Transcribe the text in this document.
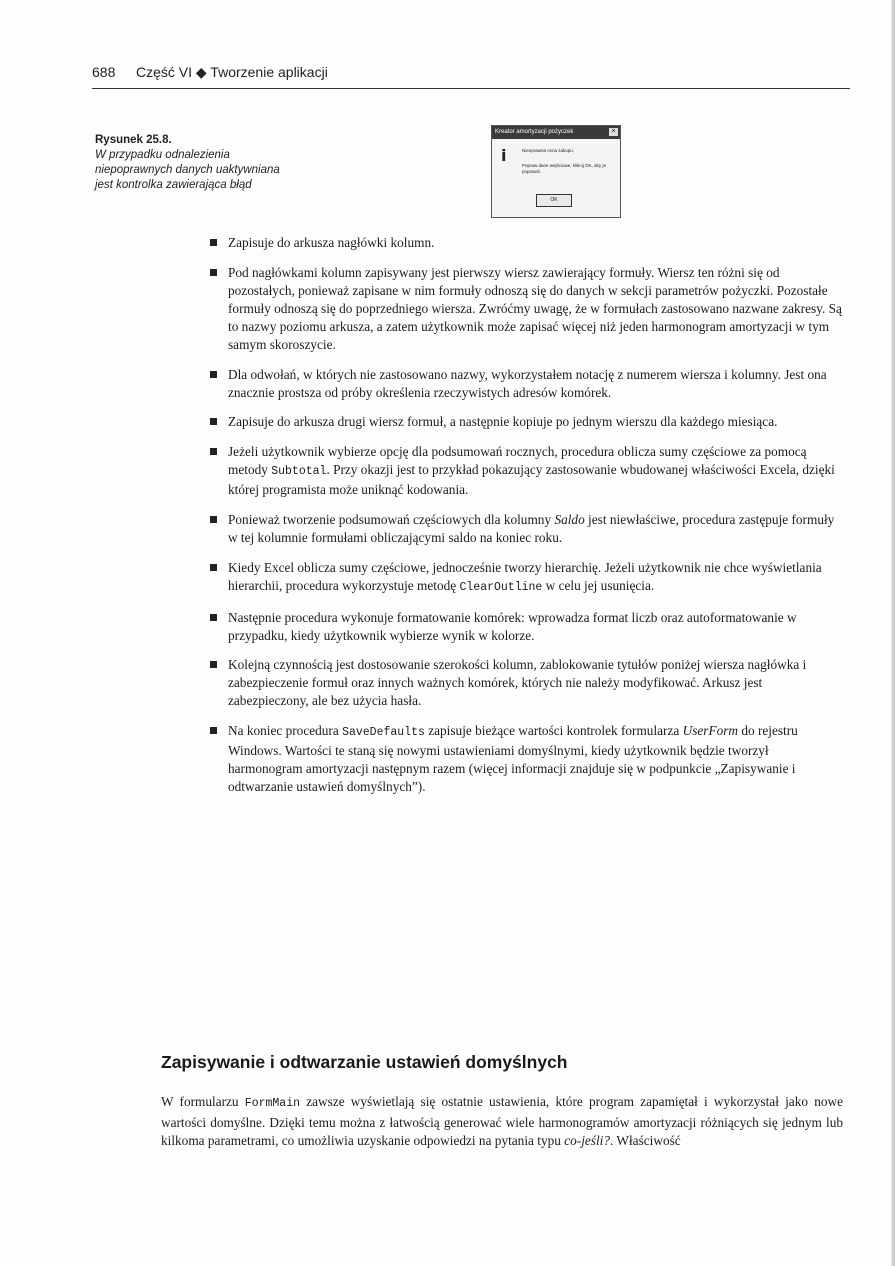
688 Część VI ◆ Tworzenie aplikacji
Rysunek 25.8.
W przypadku odnalezienia niepoprawnych danych uaktywniana jest kontrolka zawierająca błąd
Kreator amortyzacji pożyczek	×
ⅰ	Nieoprawna cena zakupu.
Popraw dane wejściowe, kliknij OK, aby je poprawić.
OK
Zapisuje do arkusza nagłówki kolumn.
Pod nagłówkami kolumn zapisywany jest pierwszy wiersz zawierający formuły. Wiersz ten różni się od pozostałych, ponieważ zapisane w nim formuły odnoszą się do danych w sekcji parametrów pożyczki. Pozostałe formuły odnoszą się do poprzedniego wiersza. Zwróćmy uwagę, że w formułach zastosowano nazwane zakresy. Są to nazwy poziomu arkusza, a zatem użytkownik może zapisać więcej niż jeden harmonogram amortyzacji w tym samym skoroszycie.
Dla odwołań, w których nie zastosowano nazwy, wykorzystałem notację z numerem wiersza i kolumny. Jest ona znacznie prostsza od próby określenia rzeczywistych adresów komórek.
Zapisuje do arkusza drugi wiersz formuł, a następnie kopiuje po jednym wierszu dla każdego miesiąca.
Jeżeli użytkownik wybierze opcję dla podsumowań rocznych, procedura oblicza sumy częściowe za pomocą metody Subtotal. Przy okazji jest to przykład pokazujący zastosowanie wbudowanej właściwości Excela, dzięki której programista może uniknąć kodowania.
Ponieważ tworzenie podsumowań częściowych dla kolumny Saldo jest niewłaściwe, procedura zastępuje formuły w tej kolumnie formułami obliczającymi saldo na koniec roku.
Kiedy Excel oblicza sumy częściowe, jednocześnie tworzy hierarchię. Jeżeli użytkownik nie chce wyświetlania hierarchii, procedura wykorzystuje metodę ClearOutline w celu jej usunięcia.
Następnie procedura wykonuje formatowanie komórek: wprowadza format liczb oraz autoformatowanie w przypadku, kiedy użytkownik wybierze wynik w kolorze.
Kolejną czynnością jest dostosowanie szerokości kolumn, zablokowanie tytułów poniżej wiersza nagłówka i zabezpieczenie formuł oraz innych ważnych komórek, których nie należy modyfikować. Arkusz jest zabezpieczony, ale bez użycia hasła.
Na koniec procedura SaveDefaults zapisuje bieżące wartości kontrolek formularza UserForm do rejestru Windows. Wartości te staną się nowymi ustawieniami domyślnymi, kiedy użytkownik będzie tworzył harmonogram amortyzacji następnym razem (więcej informacji znajduje się w podpunkcie „Zapisywanie i odtwarzanie ustawień domyślnych”).
Zapisywanie i odtwarzanie ustawień domyślnych

W formularzu FormMain zawsze wyświetlają się ostatnie ustawienia, które program zapamiętał i wykorzystał jako nowe wartości domyślne. Dzięki temu można z łatwością generować wiele harmonogramów amortyzacji różniących się jednym lub kilkoma parametrami, co umożliwia uzyskanie odpowiedzi na pytania typu co-jeśli?. Właściwość
